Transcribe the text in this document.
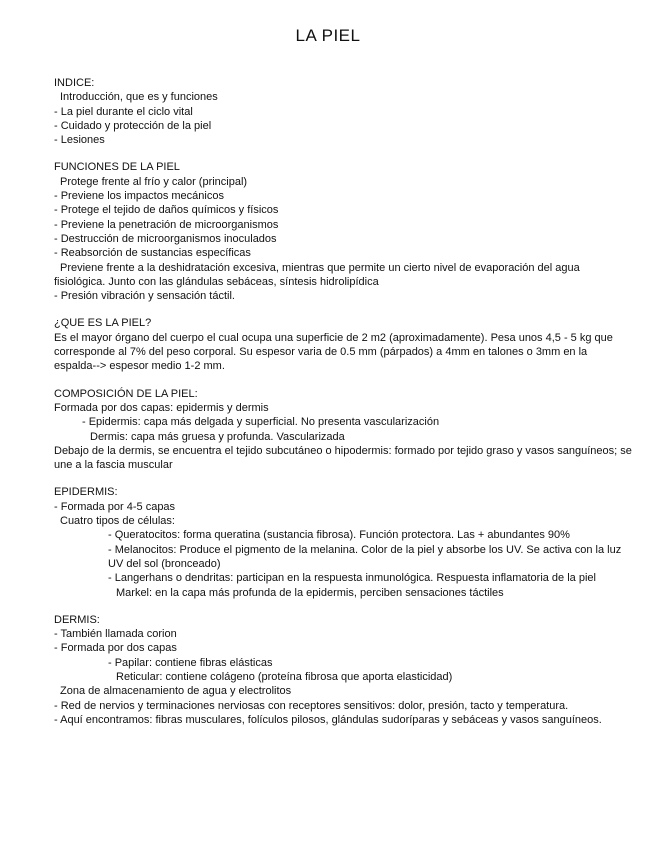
LA PIEL

INDICE:

Introducción, que es y funciones

- La piel durante el ciclo vital

- Cuidado y protección de la piel

- Lesiones

FUNCIONES DE LA PIEL

Protege frente al frío y calor (principal)

- Previene los impactos mecánicos

- Protege el tejido de daños químicos y físicos

- Previene la penetración de microorganismos

- Destrucción de microorganismos inoculados

- Reabsorción de sustancias específicas

Previene frente a la deshidratación excesiva, mientras que permite un cierto nivel de evaporación del agua fisiológica. Junto con las glándulas sebáceas, síntesis hidrolipídica

- Presión vibración y sensación táctil.

¿QUE ES LA PIEL?

Es el mayor órgano del cuerpo el cual ocupa una superficie de 2 m2 (aproximadamente). Pesa unos 4,5 - 5 kg que corresponde al 7% del peso corporal. Su espesor varia de 0.5 mm (párpados) a 4mm en talones o 3mm en la espalda--> espesor medio 1-2 mm.

COMPOSICIÓN DE LA PIEL:

Formada por dos capas: epidermis y dermis

- Epidermis: capa más delgada y superficial. No presenta vascularización

Dermis: capa más gruesa y profunda. Vascularizada

Debajo de la dermis, se encuentra el tejido subcutáneo o hipodermis: formado por tejido graso y vasos sanguíneos; se une a la fascia muscular

EPIDERMIS:

- Formada por 4-5 capas

Cuatro tipos de células:

- Queratocitos: forma queratina (sustancia fibrosa). Función protectora. Las + abundantes 90%

- Melanocitos: Produce el pigmento de la melanina. Color de la piel y absorbe los UV. Se activa con la luz UV del sol (bronceado)

- Langerhans o dendritas: participan en la respuesta inmunológica. Respuesta inflamatoria de la piel

Markel: en la capa más profunda de la epidermis, perciben sensaciones táctiles

DERMIS:

- También llamada corion

- Formada por dos capas

- Papilar: contiene fibras elásticas

Reticular: contiene colágeno (proteína fibrosa que aporta elasticidad)

Zona de almacenamiento de agua y electrolitos

- Red de nervios y terminaciones nerviosas con receptores sensitivos: dolor, presión, tacto y temperatura.

- Aquí encontramos: fibras musculares, folículos pilosos, glándulas sudoríparas y sebáceas y vasos sanguíneos.
